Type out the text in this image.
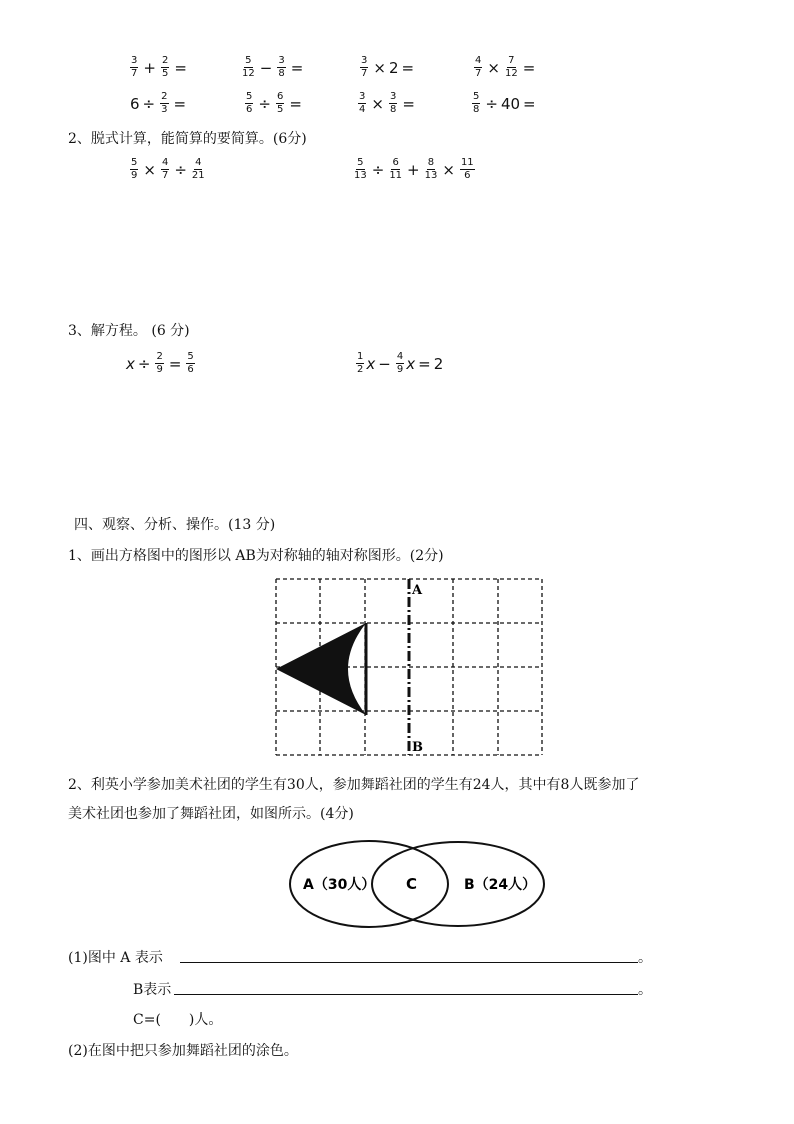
$\frac{3}{7} + \frac{2}{5}$ =	$\frac{5}{12} - \frac{3}{8}$ =	$\frac{3}{7} \times 2$ =	$\frac{4}{7} \times \frac{7}{12}$ =
$6 \div \frac{2}{3}$ =	$\frac{5}{6} \div \frac{6}{5}$ =	$\frac{3}{4} \times \frac{3}{8}$ =	$\frac{5}{8} \div 40$ =
2、脱式计算，能简算的要简算。(6分)
$\frac{5}{9} \times \frac{4}{7} \div \frac{4}{21}$	$\frac{5}{13} \div \frac{6}{11} + \frac{8}{13} \times \frac{11}{6}$
3、解方程。 (6 分)
$x \div \frac{2}{9} = \frac{5}{6}$	$\frac{1}{2}$ $x - \frac{4}{9}$ x = 2
四、观察、分析、操作。(13 分)
1、画出方格图中的图形以 AB为对称轴的轴对称图形。(2分)
A
B
2、利英小学参加美术社团的学生有30人，参加舞蹈社团的学生有24人，其中有8人既参加了
美术社团也参加了舞蹈社团，如图所示。(4分)
A（30人） C	B（24人）
(1)图中 A 表示	。
B表示	。
C=(　　)人。
(2)在图中把只参加舞蹈社团的涂色。
